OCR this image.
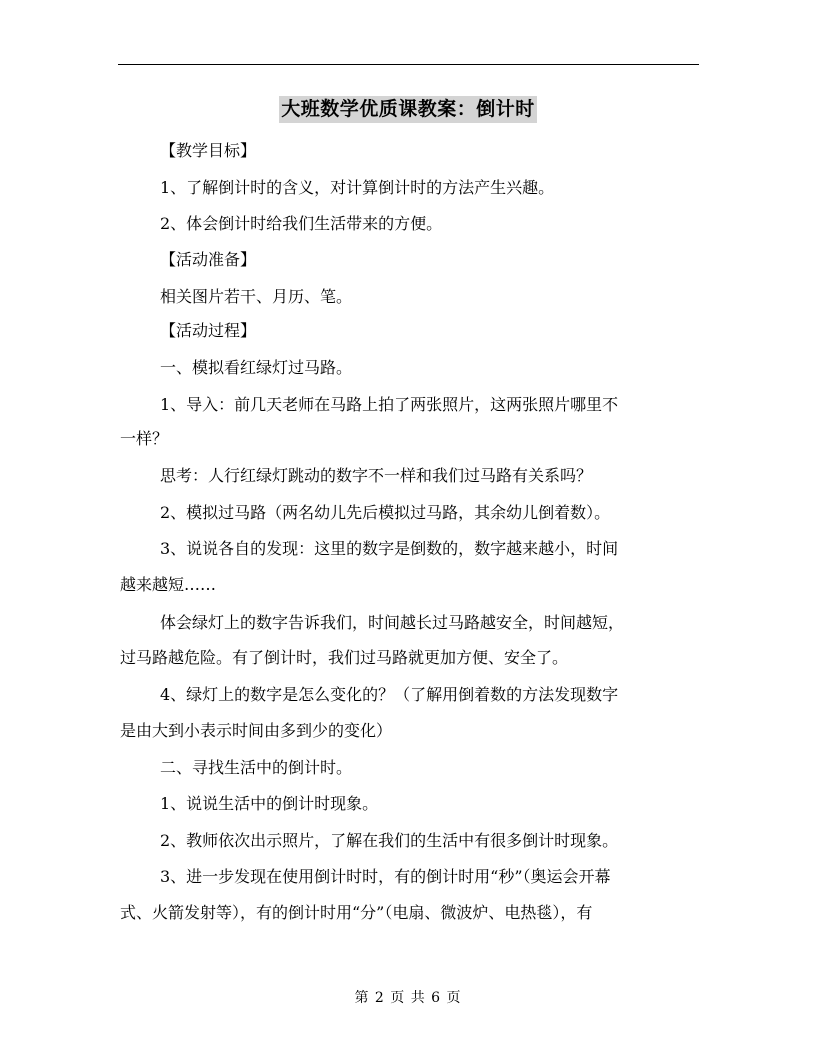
大班数学优质课教案：倒计时
【教学目标】
1、了解倒计时的含义，对计算倒计时的方法产生兴趣。
2、体会倒计时给我们生活带来的方便。
【活动准备】
相关图片若干、月历、笔。
【活动过程】
一、模拟看红绿灯过马路。
1、导入：前几天老师在马路上拍了两张照片，这两张照片哪里不
一样？
思考：人行红绿灯跳动的数字不一样和我们过马路有关系吗？
2、模拟过马路（两名幼儿先后模拟过马路，其余幼儿倒着数）。
3、说说各自的发现：这里的数字是倒数的，数字越来越小，时间
越来越短……
体会绿灯上的数字告诉我们，时间越长过马路越安全，时间越短，
过马路越危险。有了倒计时，我们过马路就更加方便、安全了。
4、绿灯上的数字是怎么变化的？（了解用倒着数的方法发现数字
是由大到小表示时间由多到少的变化）
二、寻找生活中的倒计时。
1、说说生活中的倒计时现象。
2、教师依次出示照片，了解在我们的生活中有很多倒计时现象。
3、进一步发现在使用倒计时时，有的倒计时用“秒”（奥运会开幕
式、火箭发射等），有的倒计时用“分”（电扇、微波炉、电热毯），有
第 2 页 共 6 页
